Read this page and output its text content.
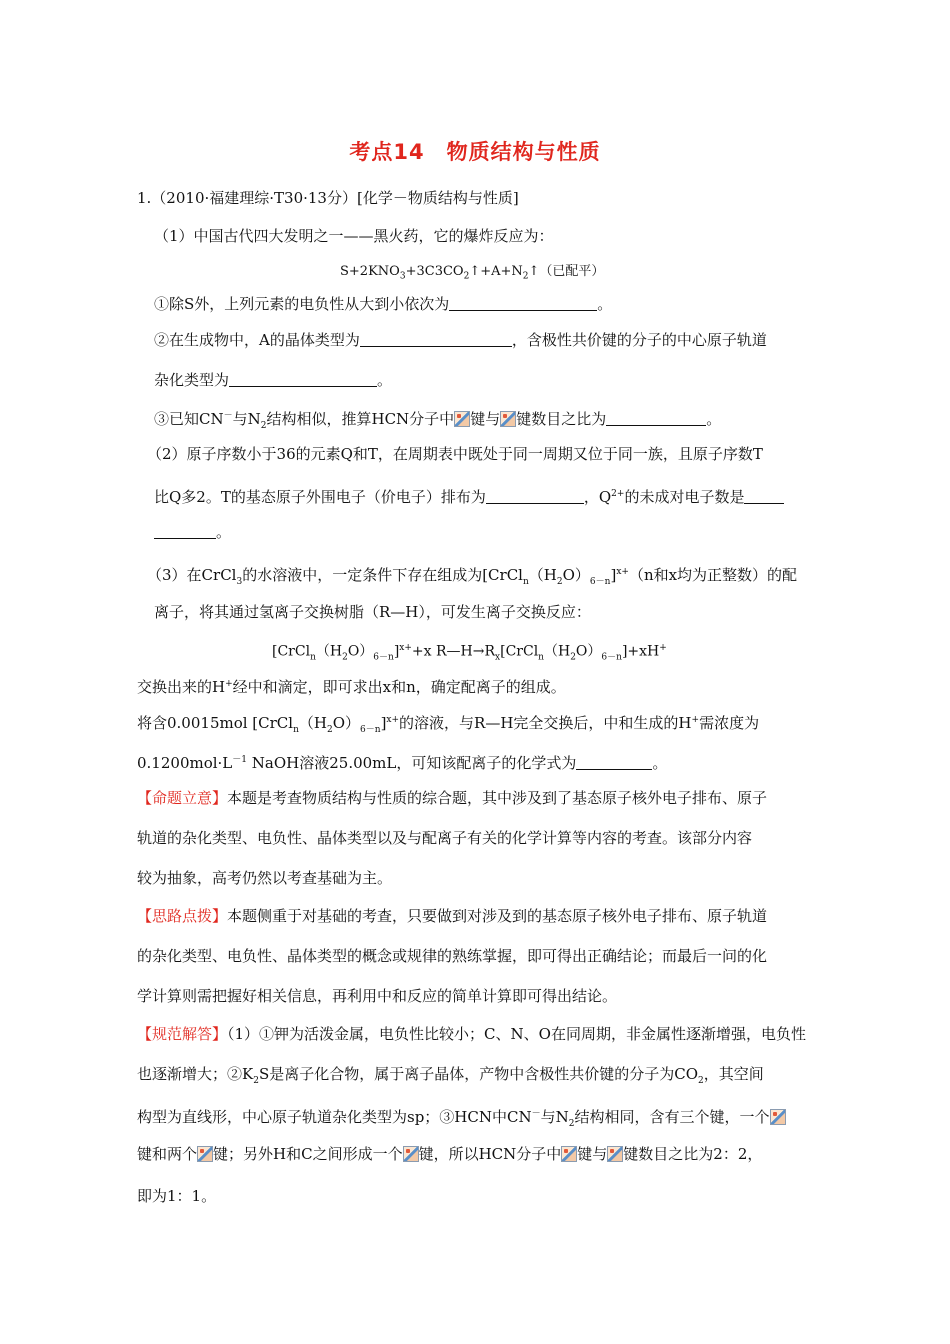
考点14　物质结构与性质
1.（2010·福建理综·T30·13分）[化学－物质结构与性质]
（1）中国古代四大发明之一——黑火药，它的爆炸反应为：
$S+2KNO_3+3C3CO_2↑+A+N_2↑$（已配平）
①除S外，上列元素的电负性从大到小依次为	。
②在生成物中，A的晶体类型为	，含极性共价键的分子的中心原子轨道
杂化类型为	。
③已知CN－与$N_2$结构相似，推算HCN分子中 键与 键数目之比为	。
（2）原子序数小于36的元素Q和T，在周期表中既处于同一周期又位于同一族，且原子序数T
比Q多2。T的基态原子外围电子（价电子）排布为	，$Q^{2+}$的未成对电子数是
。
（3）在CrCl$_3$的水溶液中，一定条件下存在组成为$[CrCl_n(H_2O)_{6-n}]^{x+}(n$和x均为正整数）的配
离子，将其通过氢离子交换树脂（R—H），可发生离子交换反应：
$[CrCl_n(H_2O)_{6-n}]^{x+}+x$ $R—H\to R_x[CrCl_n(H_2O)_{6-n}]+xH^+$
交换出来的H+经中和滴定，即可求出x和n，确定配离子的组成。
将含0.0015mol $[CrCl_n(H_2O)_{6-n}]^{x+}$的溶液，与R—H完全交换后，中和生成的H+需浓度为
$0.1200mol\cdot L^{-1}$ NaOH溶液25.00mL，可知该配离子的化学式为	。
【命题立意】本题是考查物质结构与性质的综合题，其中涉及到了基态原子核外电子排布、原子
轨道的杂化类型、电负性、晶体类型以及与配离子有关的化学计算等内容的考查。该部分内容
较为抽象，高考仍然以考查基础为主。
【思路点拨】本题侧重于对基础的考查，只要做到对涉及到的基态原子核外电子排布、原子轨道
的杂化类型、电负性、晶体类型的概念或规律的熟练掌握，即可得出正确结论；而最后一问的化
学计算则需把握好相关信息，再利用中和反应的简单计算即可得出结论。
【规范解答】（1）①钾为活泼金属，电负性比较小；C、N、O在同周期，非金属性逐渐增强，电负性
也逐渐增大；$②K_2S$是离子化合物，属于离子晶体，产物中含极性共价键的分子为$CO_2$，其空间
构型为直线形，中心原子轨道杂化类型为sp；③HCN中CN－与$N_2$结构相同，含有三个键，一个
键和两个 键；另外H和C之间形成一个 键，所以HCN分子中 键与 键数目之比为2：2，
即为1：1。
